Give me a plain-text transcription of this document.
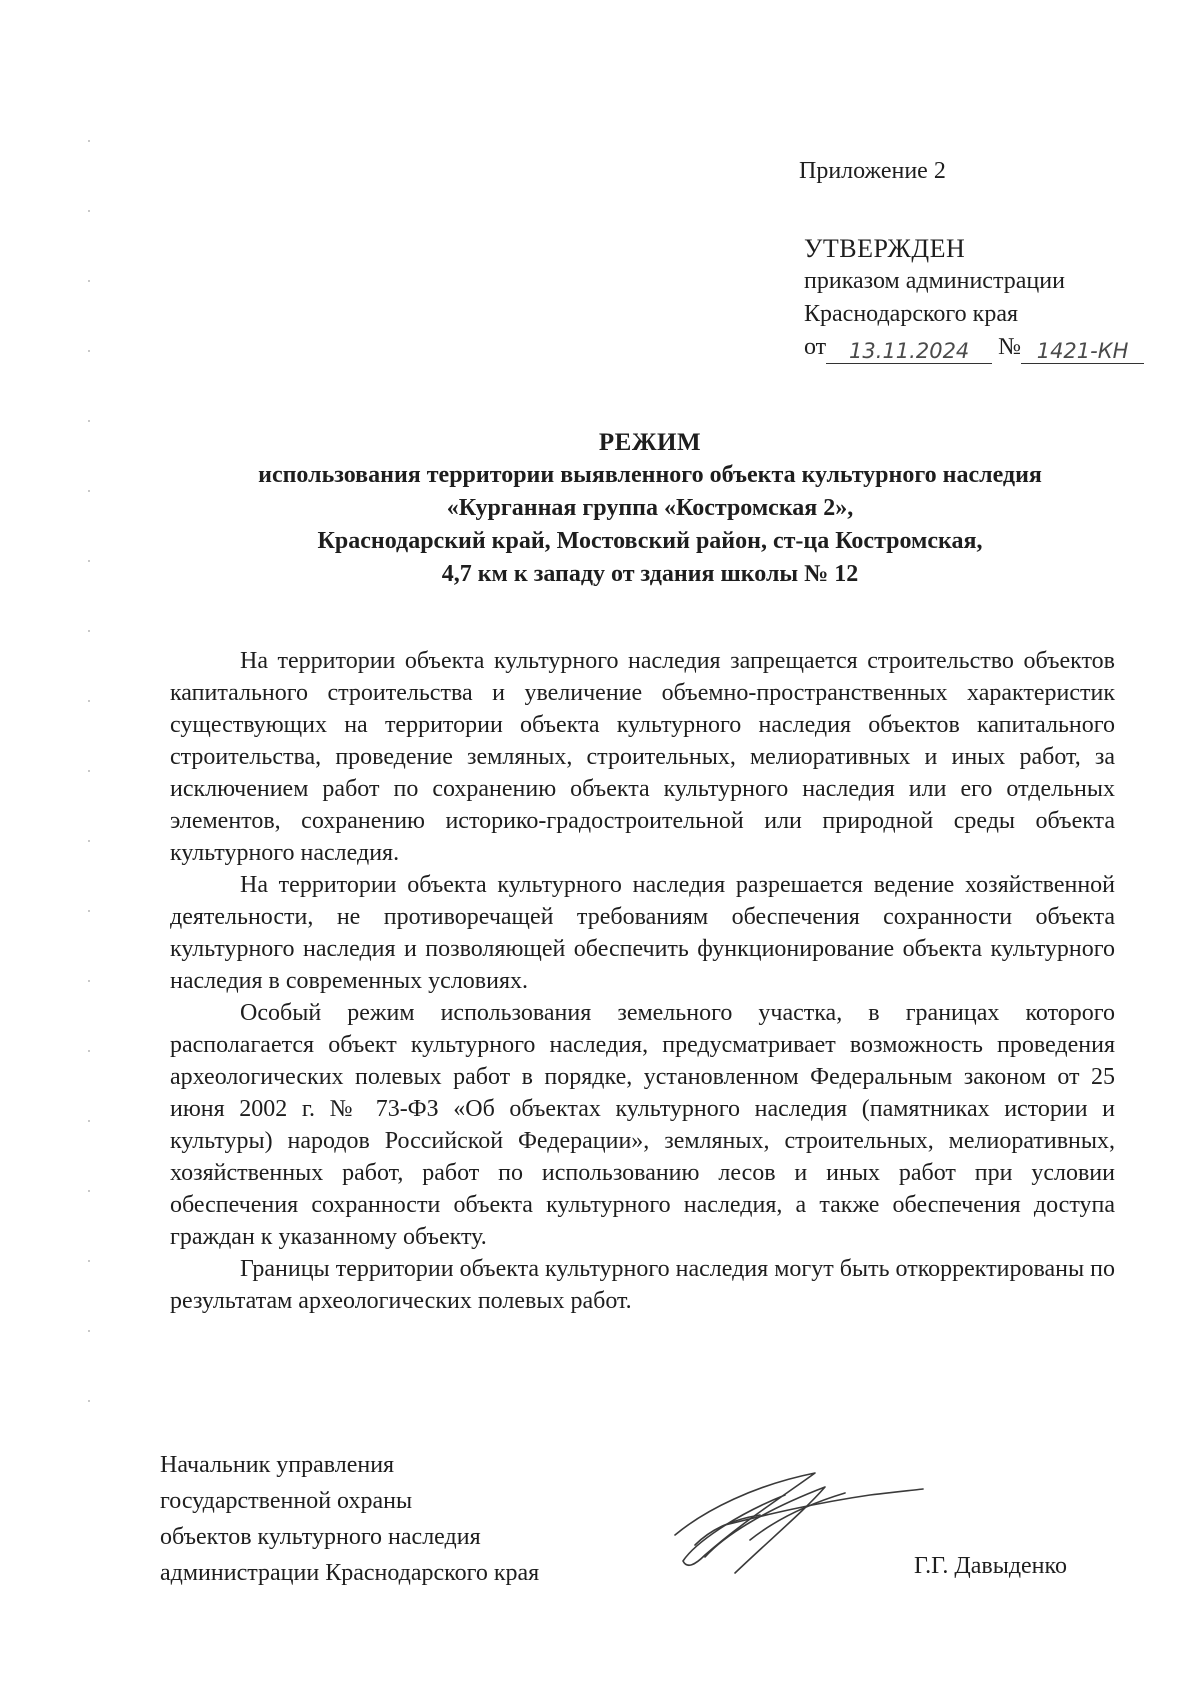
Приложение 2
УТВЕРЖДЕН
приказом администрации
Краснодарского края
от	13.11.2024	№ 1421-КН
РЕЖИМ
использования территории выявленного объекта культурного наследия
«Курганная группа «Костромская 2»,
Краснодарский край, Мостовский район, ст-ца Костромская,
4,7 км к западу от здания школы № 12

На территории объекта культурного наследия запрещается строительство объектов капитального строительства и увеличение объемно-пространственных характеристик существующих на территории объекта культурного наследия объектов капитального строительства, проведение земляных, строительных, мелиоративных и иных работ, за исключением работ по сохранению объекта культурного наследия или его отдельных элементов, сохранению историко-градостроительной или природной среды объекта культурного наследия.

На территории объекта культурного наследия разрешается ведение хозяйственной деятельности, не противоречащей требованиям обеспечения сохранности объекта культурного наследия и позволяющей обеспечить функционирование объекта культурного наследия в современных условиях.

Особый режим использования земельного участка, в границах которого располагается объект культурного наследия, предусматривает возможность проведения археологических полевых работ в порядке, установленном Федеральным законом от 25 июня 2002 г. № 73-ФЗ «Об объектах культурного наследия (памятниках истории и культуры) народов Российской Федерации», земляных, строительных, мелиоративных, хозяйственных работ, работ по использованию лесов и иных работ при условии обеспечения сохранности объекта культурного наследия, а также обеспечения доступа граждан к указанному объекту.

Границы территории объекта культурного наследия могут быть откорректированы по результатам археологических полевых работ.

Начальник управления
государственной охраны
объектов культурного наследия
администрации Краснодарского края	Г.Г. Давыденко
